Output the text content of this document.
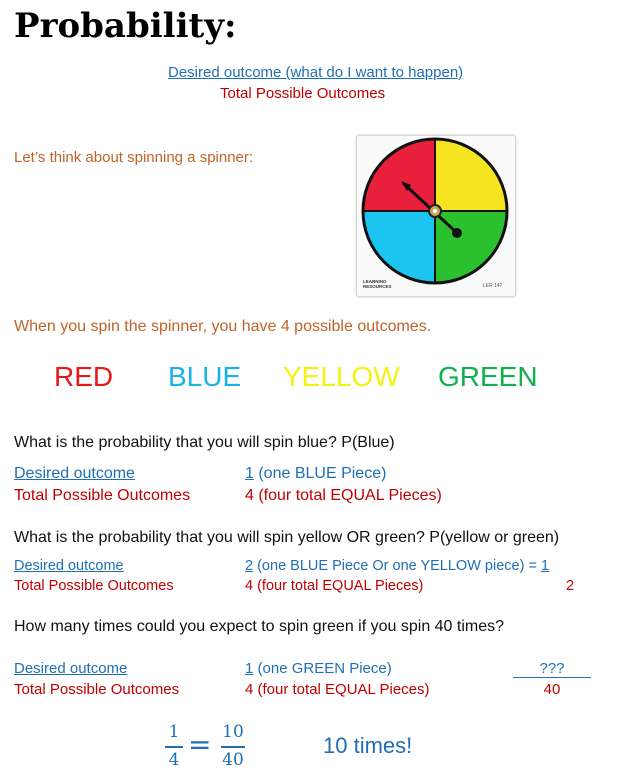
Probability:
Desired outcome (what do I want to happen)
Total Possible Outcomes
Let’s think about spinning a spinner:
LEARNING
RESOURCES	LER 147
When you spin the spinner, you have 4 possible outcomes.
RED BLUE YELLOW GREEN
What is the probability that you will spin blue? P(Blue)
Desired outcome
Total Possible Outcomes
1 (one BLUE Piece)
4 (four total EQUAL Pieces)
What is the probability that you will spin yellow OR green? P(yellow or green)
Desired outcome
Total Possible Outcomes
2 (one BLUE Piece Or one YELLOW piece) = 1
4 (four total EQUAL Pieces)	2
How many times could you expect to spin green if you spin 40 times?
Desired outcome
Total Possible Outcomes
1 (one GREEN Piece)
4 (four total EQUAL Pieces)
???
40
1
4 = 10
40
10 times!
